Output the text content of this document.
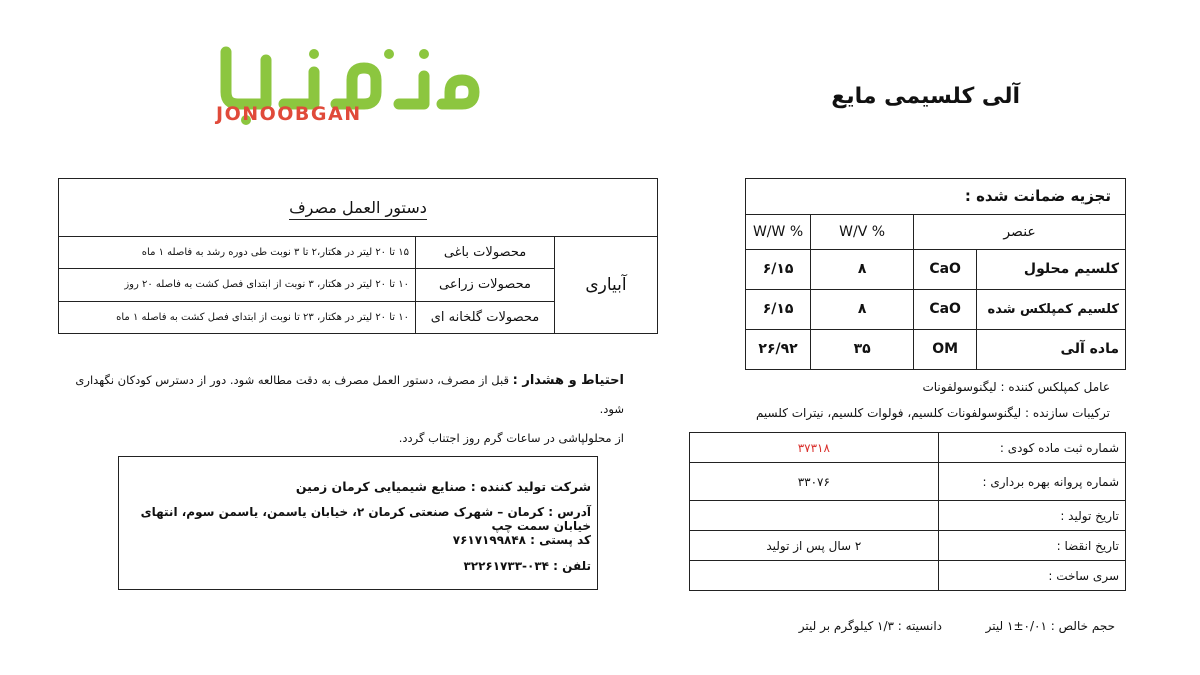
JONOOBGAN
آلی کلسیمی مایع
دستور العمل مصرف		
آبیاری	محصولات باغی	۱۵ تا ۲۰ لیتر در هکتار،۲ تا ۳ نوبت طی دوره رشد به فاصله ۱ ماه
	محصولات زراعی	۱۰ تا ۲۰ لیتر در هکتار، ۳ نوبت از ابتدای فصل کشت به فاصله ۲۰ روز
	محصولات گلخانه ای	۱۰ تا ۲۰ لیتر در هکتار، ۲۳ تا نوبت از ابتدای فصل کشت به فاصله ۱ ماه
احتیاط و هشدار : قبل از مصرف، دستور العمل مصرف به دقت مطالعه شود. دور از دسترس کودکان نگهداری شود.
از محلولپاشی در ساعات گرم روز اجتناب گردد.
شرکت تولید کننده : صنایع شیمیایی کرمان زمین
آدرس : کرمان – شهرک صنعتی کرمان ۲، خیابان یاسمن، یاسمن سوم، انتهای خیابان سمت چپ
کد پستی : ۷۶۱۷۱۹۹۸۴۸
تلفن : ۰۳۴-۳۲۲۶۱۷۳۳
تجزیه ضمانت شده :			
عنصر		% W/V	% W/W
کلسیم محلول	CaO	۸	۶/۱۵
کلسیم کمپلکس شده	CaO	۸	۶/۱۵
ماده آلی	OM	۳۵	۲۶/۹۲
عامل کمپلکس کننده : لیگنوسولفونات
ترکیبات سازنده : لیگنوسولفونات کلسیم، فولوات کلسیم، نیترات کلسیم
شماره ثبت ماده کودی :	۳۷۳۱۸
شماره پروانه بهره برداری :	۳۳۰۷۶
تاریخ تولید :	
تاریخ انقضا :	۲ سال پس از تولید
سری ساخت :	
حجم خالص : ۰/۰۱±۱ لیتر  دانسیته : ۱/۳ کیلوگرم بر لیتر
